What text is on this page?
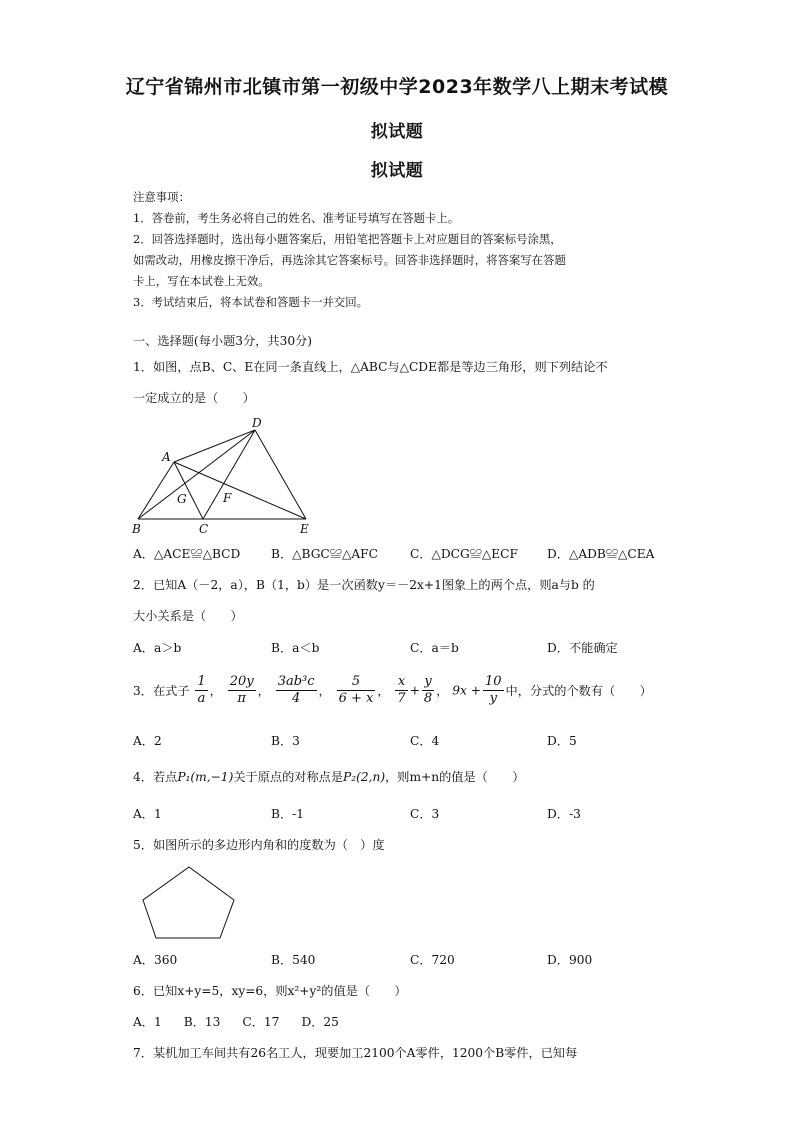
辽宁省锦州市北镇市第一初级中学2023年数学八上期末考试模
拟试题
拟试题
注意事项：
1．答卷前，考生务必将自己的姓名、准考证号填写在答题卡上。
2．回答选择题时，选出每小题答案后，用铅笔把答题卡上对应题目的答案标号涂黑，
如需改动，用橡皮擦干净后，再选涂其它答案标号。回答非选择题时，将答案写在答题
卡上，写在本试卷上无效。
3．考试结束后，将本试卷和答题卡一并交回。
一、选择题(每小题3分，共30分)
1．如图，点B、C、E在同一条直线上，△ABC与△CDE都是等边三角形，则下列结论不
一定成立的是（　　）
A
B	C
D
E
F
G
A．△ACE≌△BCD	B．△BGC≌△AFC	C．△DCG≌△ECF D．△ADB≌△CEA
2．已知A（－2，a），B（1，b）是一次函数y＝－2x+1图象上的两个点，则a与b 的
大小关系是（　　）
A．a＞b	B．a＜b	C．a＝b	D．不能确定
3．在式子 $\frac{1}{a}$ ， $\frac{20y}{\pi}$ ， $\frac{\text{3ab³c}}{4}$ ， $\frac{5}{6 + x}$ ， $\frac{x}{7} + \frac{y}{8}$ ， $9x + \frac{10}{y}$ 中，分式的个数有（　　）
A．2	B．3	C．4	D．5
4．若点P₁(m,−1)关于原点的对称点是P₂(2,n)，则m+n的值是（　　）
A．1	B．-1	C．3	D．-3
5．如图所示的多边形内角和的度数为（　）度
A．360	B．540	C．720	D．900
6．已知x+y=5，xy=6，则x²+y²的值是（　　）
A．1 B．13 C．17 D．25
7．某机加工车间共有26名工人，现要加工2100个A零件，1200个B零件，已知每
